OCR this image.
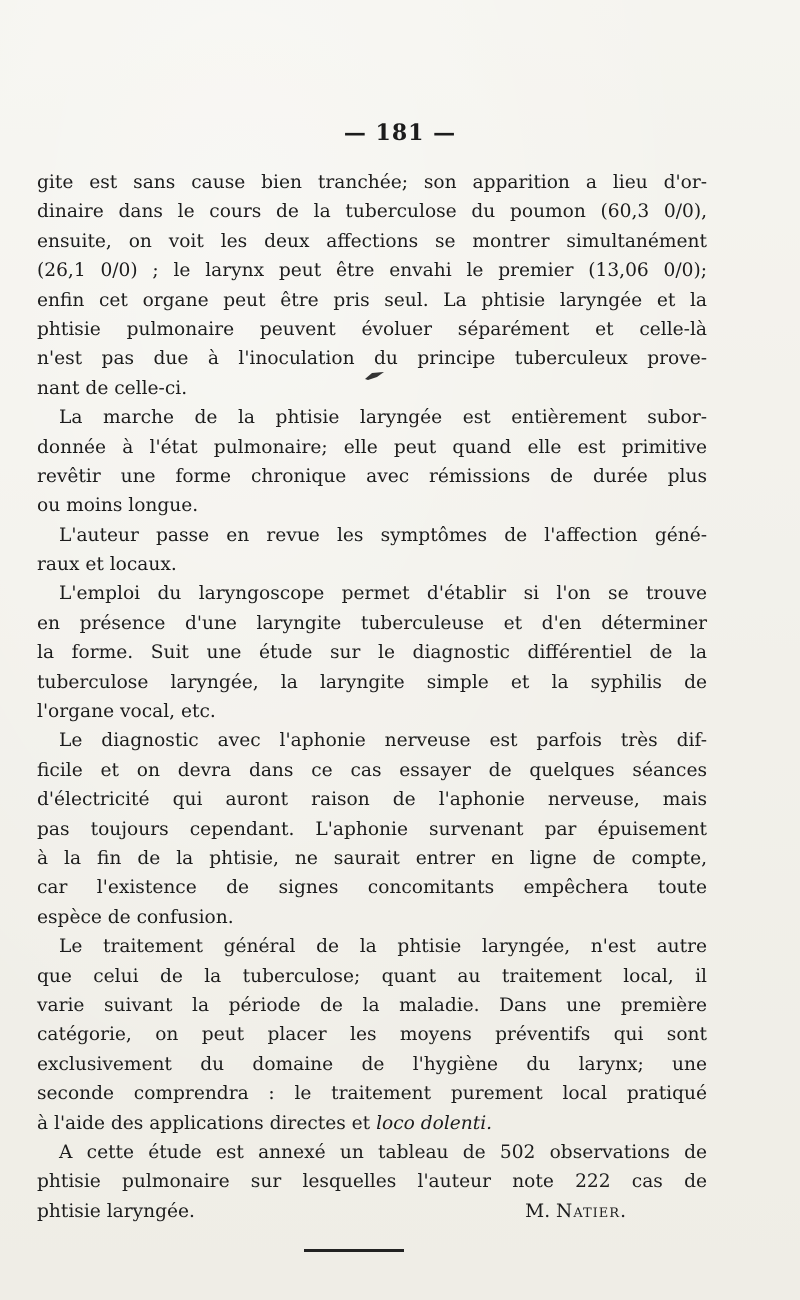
— 181 —
gite est sans cause bien tranchée; son apparition a lieu d'or-
dinaire dans le cours de la tuberculose du poumon (60,3 0/0),
ensuite, on voit les deux affections se montrer simultanément
(26,1 0/0) ; le larynx peut être envahi le premier (13,06 0/0);
enfin cet organe peut être pris seul. La phtisie laryngée et la
phtisie pulmonaire peuvent évoluer séparément et celle-là
n'est pas due à l'inoculation du principe tuberculeux prove-
nant de celle-ci.
La marche de la phtisie laryngée est entièrement subor-
donnée à l'état pulmonaire; elle peut quand elle est primitive
revêtir une forme chronique avec rémissions de durée plus
ou moins longue.
L'auteur passe en revue les symptômes de l'affection géné-
raux et locaux.
L'emploi du laryngoscope permet d'établir si l'on se trouve
en présence d'une laryngite tuberculeuse et d'en déterminer
la forme. Suit une étude sur le diagnostic différentiel de la
tuberculose laryngée, la laryngite simple et la syphilis de
l'organe vocal, etc.
Le diagnostic avec l'aphonie nerveuse est parfois très dif-
ficile et on devra dans ce cas essayer de quelques séances
d'électricité qui auront raison de l'aphonie nerveuse, mais
pas toujours cependant. L'aphonie survenant par épuisement
à la fin de la phtisie, ne saurait entrer en ligne de compte,
car l'existence de signes concomitants empêchera toute
espèce de confusion.
Le traitement général de la phtisie laryngée, n'est autre
que celui de la tuberculose; quant au traitement local, il
varie suivant la période de la maladie. Dans une première
catégorie, on peut placer les moyens préventifs qui sont
exclusivement du domaine de l'hygiène du larynx; une
seconde comprendra : le traitement purement local pratiqué
à l'aide des applications directes et loco dolenti.
A cette étude est annexé un tableau de 502 observations de
phtisie pulmonaire sur lesquelles l'auteur note 222 cas de
phtisie laryngée.	M. Natier.
